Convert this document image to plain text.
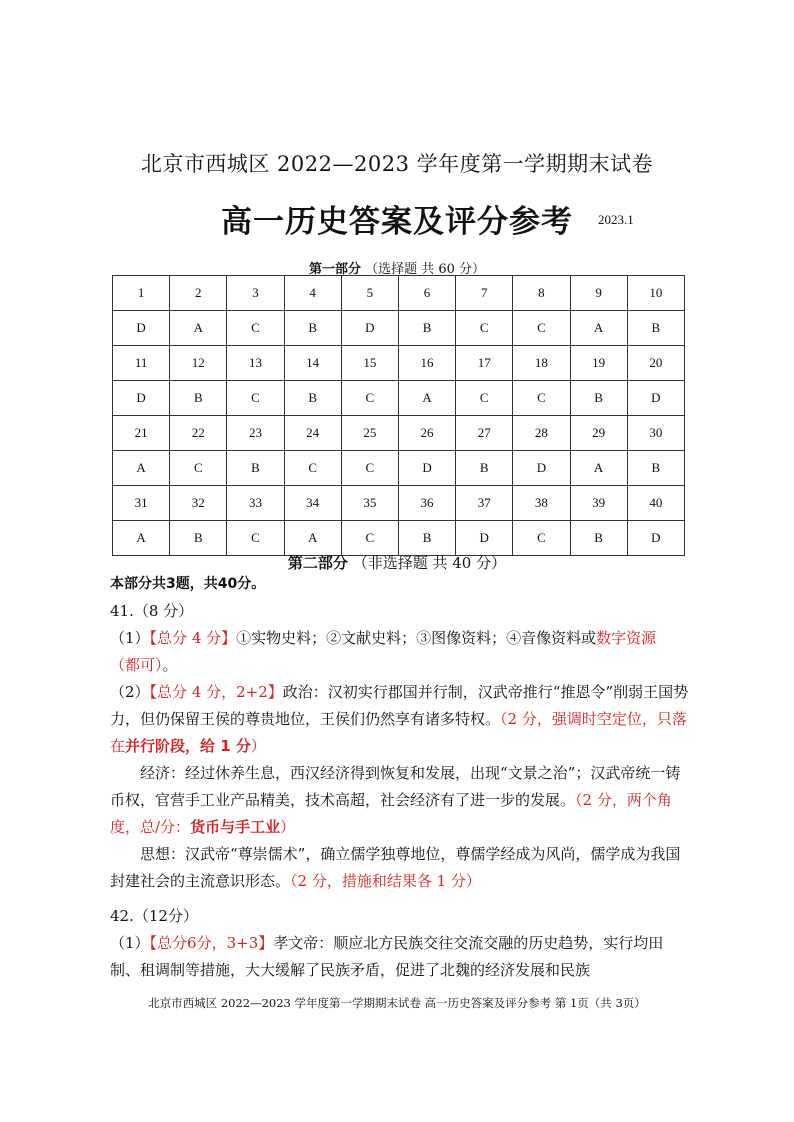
北京市西城区 2022—2023 学年度第一学期期末试卷
高一历史答案及评分参考	2023.1
第一部分 （选择题 共 60 分）
1	2	3	4	5	6	7	8	9	10
D	A	C	B	D	B	C	C	A	B
11	12	13	14	15	16	17	18	19	20
D	B	C	B	C	A	C	C	B	D
21	22	23	24	25	26	27	28	29	30
A	C	B	C	C	D	B	D	A	B
31	32	33	34	35	36	37	38	39	40
A	B	C	A	C	B	D	C	B	D
第二部分 （非选择题 共 40 分）

本部分共3题，共40分。

41.（8 分）

（1）【总分 4 分】①实物史料；②文献史料；③图像资料；④音像资料或数字资源（都可）。

（2）【总分 4 分，2+2】政治：汉初实行郡国并行制，汉武帝推行“推恩令”削弱王国势力，但仍保留王侯的尊贵地位，王侯们仍然享有诸多特权。（2 分，强调时空定位，只落在并行阶段，给 1 分）

经济：经过休养生息，西汉经济得到恢复和发展，出现“文景之治”；汉武帝统一铸币权，官营手工业产品精美，技术高超，社会经济有了进一步的发展。（2 分，两个角度，总/分：货币与手工业）

思想：汉武帝“尊崇儒术”，确立儒学独尊地位，尊儒学经成为风尚，儒学成为我国封建社会的主流意识形态。（2 分，措施和结果各 1 分）

42.（12分）

（1）【总分6分，3+3】孝文帝：顺应北方民族交往交流交融的历史趋势，实行均田制、租调制等措施，大大缓解了民族矛盾，促进了北魏的经济发展和民族

北京市西城区 2022—2023 学年度第一学期期末试卷 高一历史答案及评分参考 第 1页（共 3页）
